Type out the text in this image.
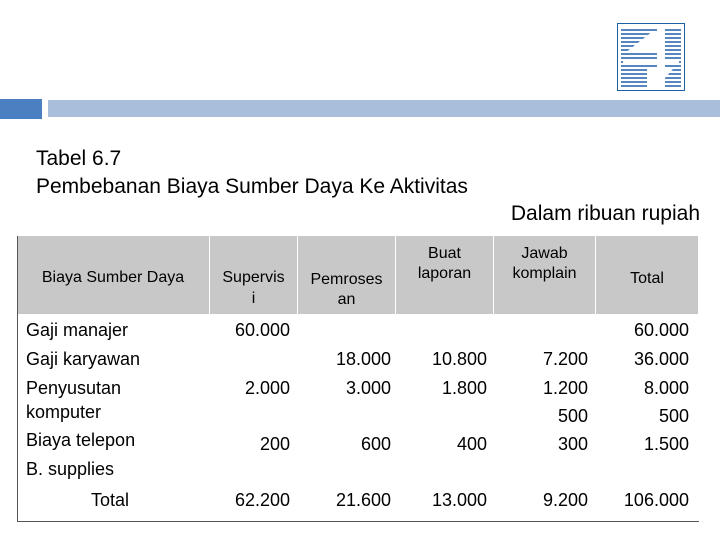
Tabel 6.7
Pembebanan Biaya Sumber Daya Ke Aktivitas
Dalam ribuan rupiah
Biaya Sumber Daya	Supervis
i
Pemroses
an
Buat
laporan
Jawab
komplain	Total
Gaji manajer
Gaji karyawan
Penyusutan
komputer
Biaya telepon
B. supplies
Total
60.000
2.000
200
62.200
18.000
3.000
600
21.600
10.800
1.800
400
13.000
7.200
1.200
500
300
9.200
60.000
36.000
8.000
500
1.500
106.000
